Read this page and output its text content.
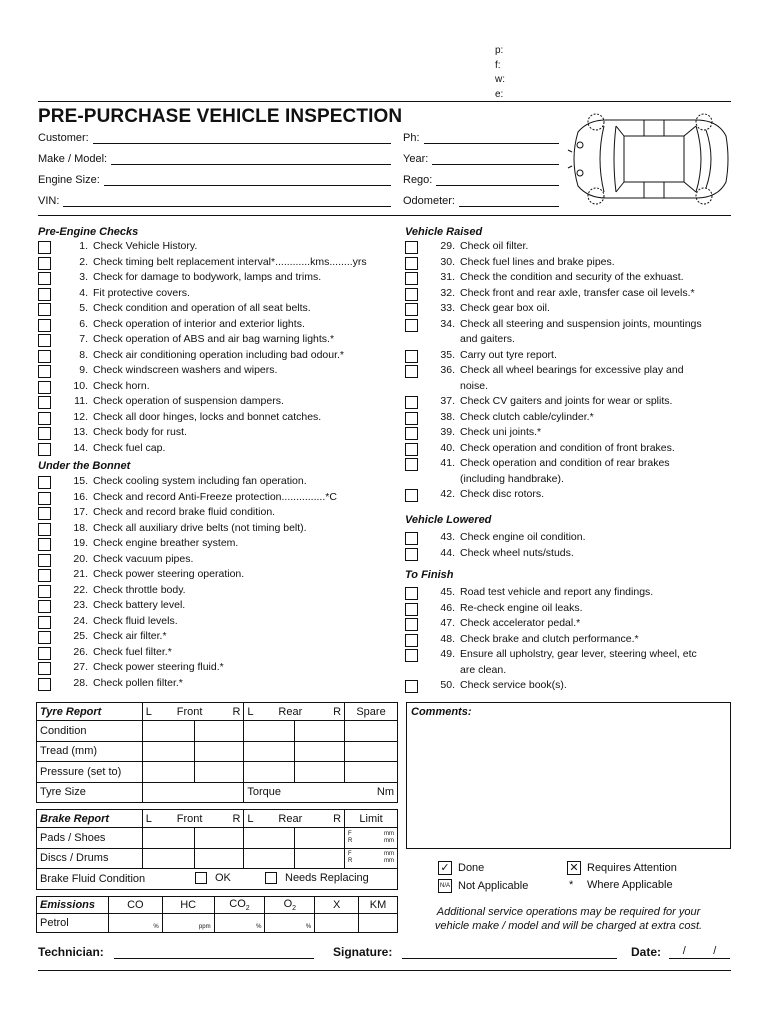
p:
f:
w:
e:
PRE-PURCHASE VEHICLE INSPECTION
Customer:
Make / Model:
Engine Size:
VIN:
Ph:
Year:
Rego:
Odometer:
Pre-Engine Checks
Under the Bonnet
Vehicle Raised
Vehicle Lowered
To Finish
1. Check Vehicle History.
2. Check timing belt replacement interval*............kms........yrs
3. Check for damage to bodywork, lamps and trims.
4. Fit protective covers.
5. Check condition and operation of all seat belts.
6. Check operation of interior and exterior lights.
7. Check operation of ABS and air bag warning lights.*
8. Check air conditioning operation including bad odour.*
9. Check windscreen washers and wipers.
10. Check horn.
11. Check operation of suspension dampers.
12. Check all door hinges, locks and bonnet catches.
13. Check body for rust.
14. Check fuel cap.
15. Check cooling system including fan operation.
16. Check and record Anti-Freeze protection...............*C
17. Check and record brake fluid condition.
18. Check all auxiliary drive belts (not timing belt).
19. Check engine breather system.
20. Check vacuum pipes.
21. Check power steering operation.
22. Check throttle body.
23. Check battery level.
24. Check fluid levels.
25. Check air filter.*
26. Check fuel filter.*
27. Check power steering fluid.*
28. Check pollen filter.*
29. Check oil filter.
30. Check fuel lines and brake pipes.
31. Check the condition and security of the exhuast.
32. Check front and rear axle, transfer case oil levels.*
33. Check gear box oil.
34. Check all steering and suspension joints, mountings
and gaiters.
35. Carry out tyre report.
36. Check all wheel bearings for excessive play and
noise.
37. Check CV gaiters and joints for wear or splits.
38. Check clutch cable/cylinder.*
39. Check uni joints.*
40. Check operation and condition of front brakes.
41. Check operation and condition of rear brakes
(including handbrake).
42. Check disc rotors.
43. Check engine oil condition.
44. Check wheel nuts/studs.
45. Road test vehicle and report any findings.
46. Re-check engine oil leaks.
47. Check accelerator pedal.*
48. Check brake and clutch performance.*
49. Ensure all upholstry, gear lever, steering wheel, etc
are clean.
50. Check service book(s).
Tyre Report	L Front R		L Rear R		Spare
Condition					
Tread (mm)					
Pressure (set to)					
Tyre Size			Torque Nm		
Brake Report	L Front R		L Rear R		Limit
Pads / Shoes					F mm
R mm

Discs / Drums					F mm
R mm

Brake Fluid Condition OK Needs Replacing					
Emissions	CO	HC	$CO_2$	$O_2$	X	KM
Petrol	%	ppm	%	%		

Comments:
✓ Done	✕ Requires Attention
N/A Not Applicable	*	Where Applicable
Additional service operations may be required for your
vehicle make / model and will be charged at extra cost.
Technician:	Signature:	Date: / /
